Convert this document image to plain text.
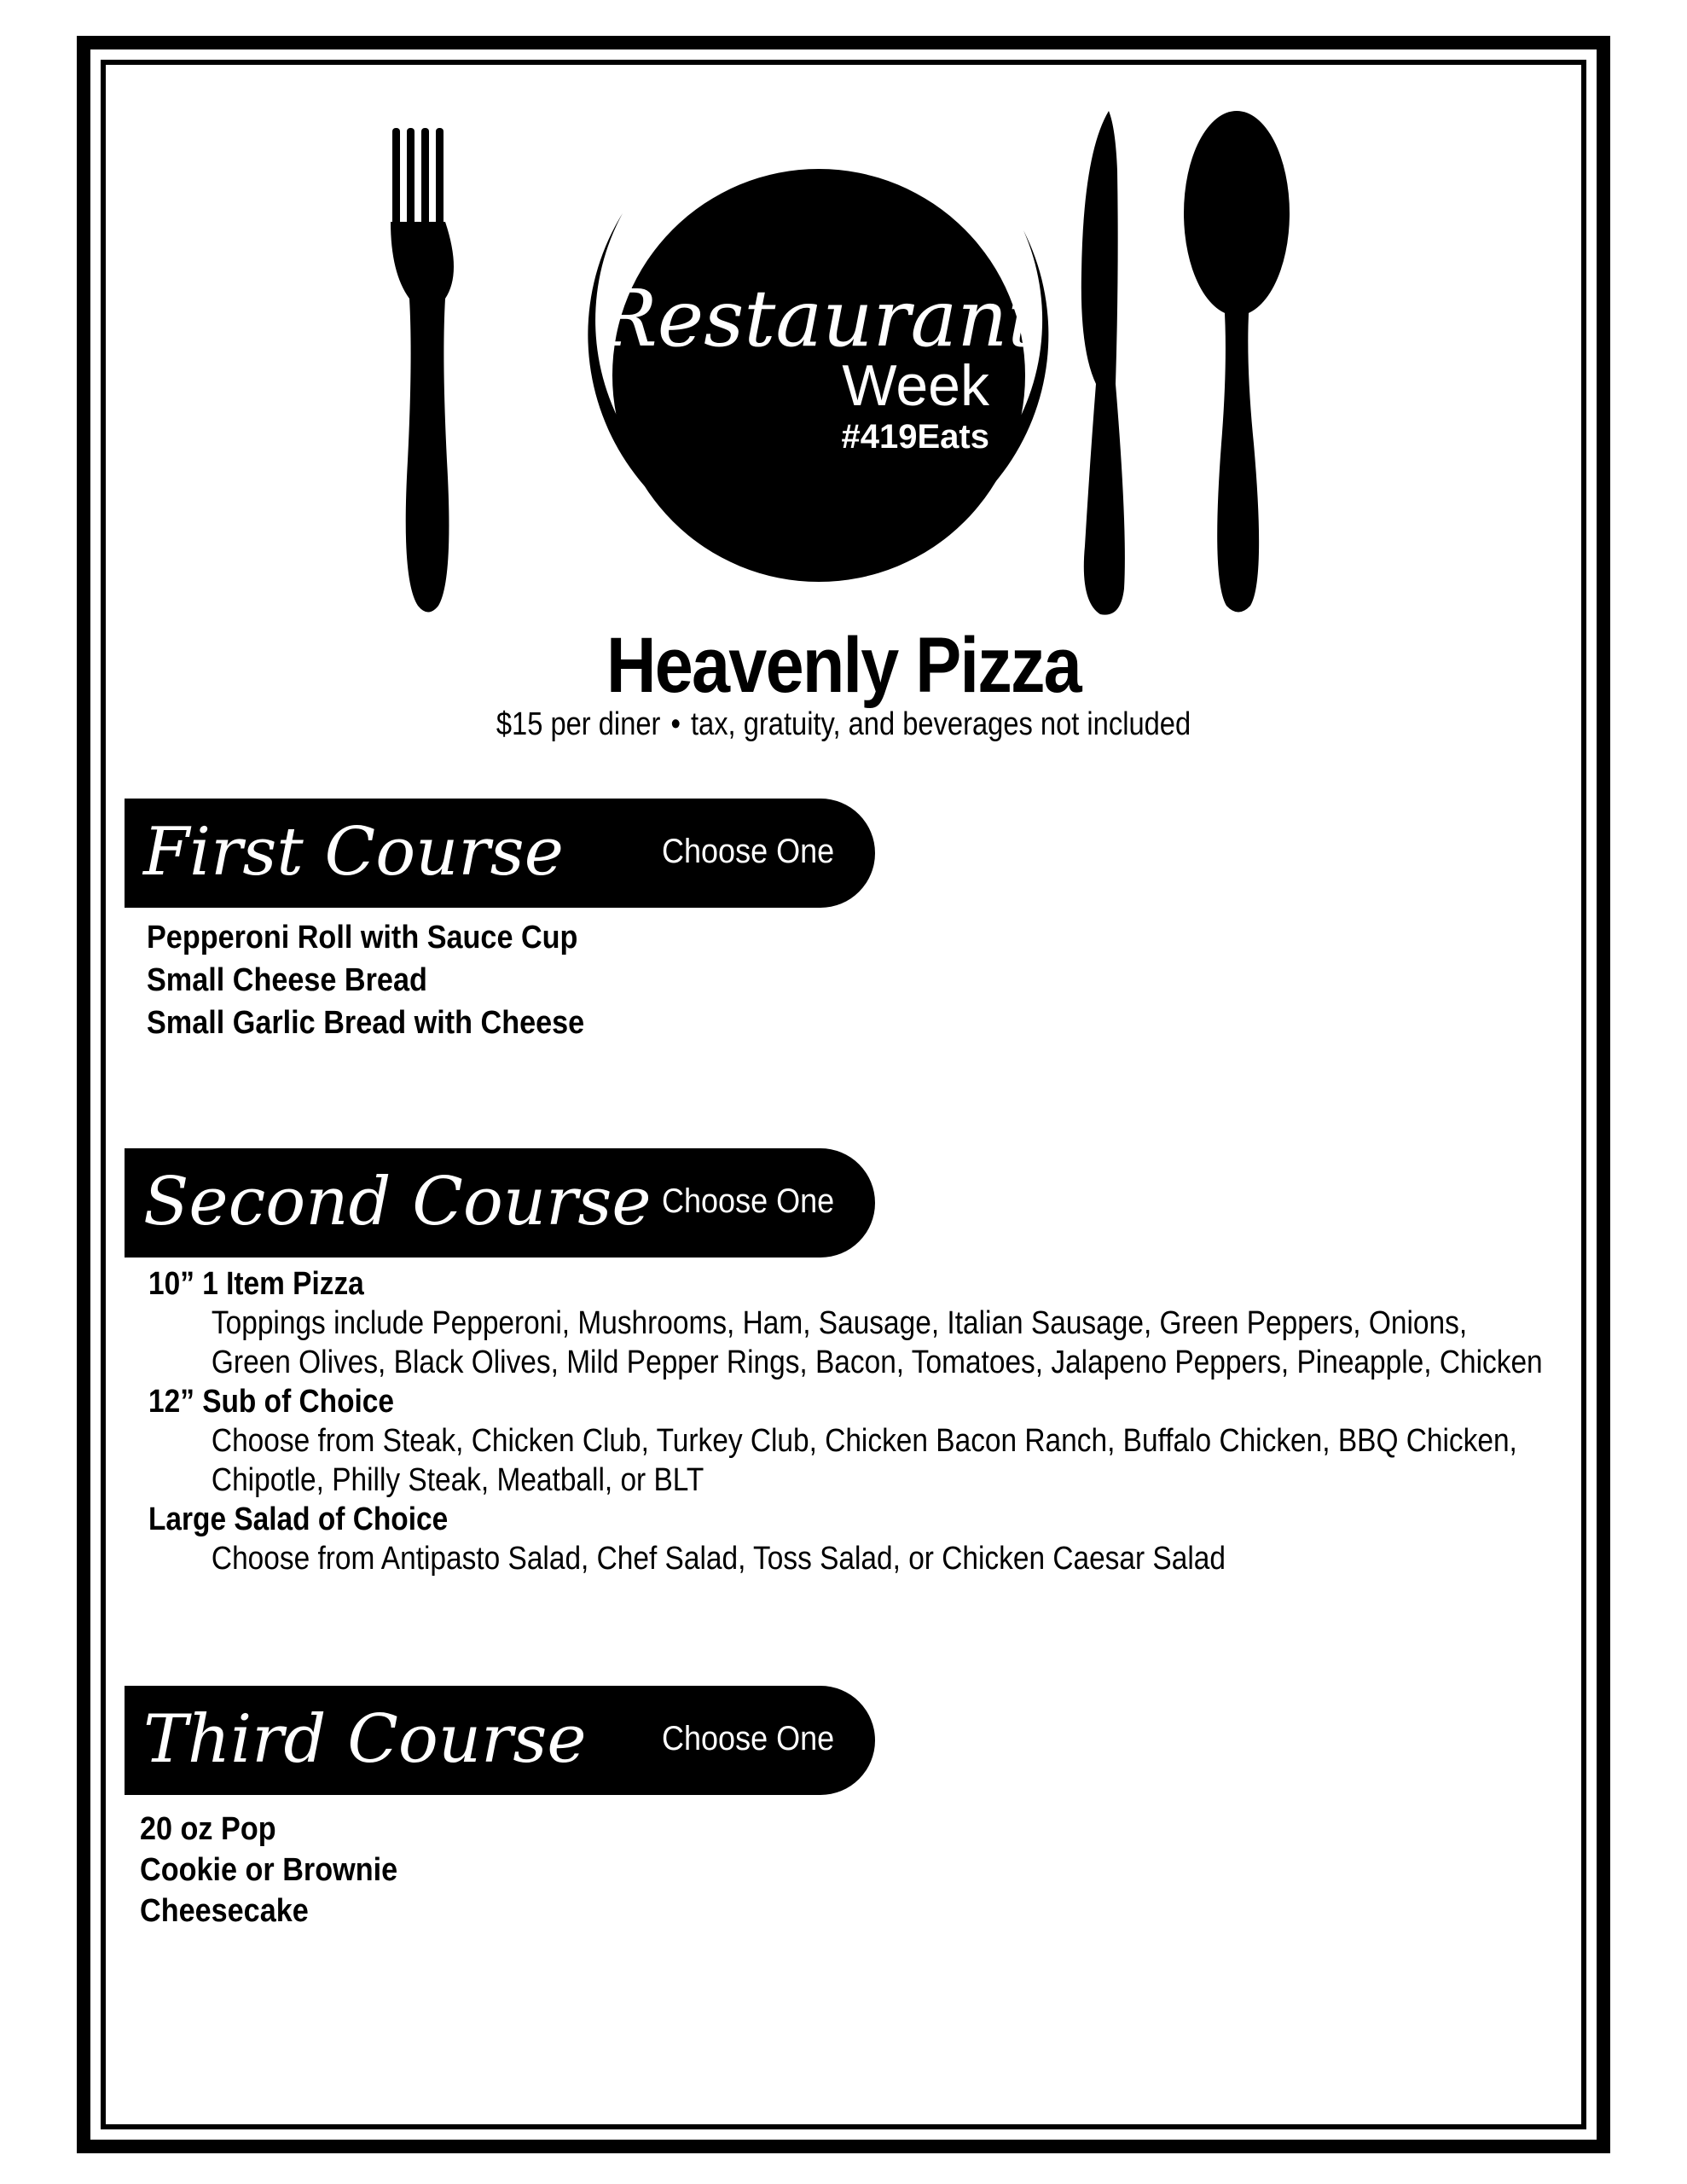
Restaurant
Week
#419Eats
Heavenly Pizza
$15 per diner • tax, gratuity, and beverages not included
First Course	Choose One
Pepperoni Roll with Sauce Cup
Small Cheese Bread
Small Garlic Bread with Cheese
Second Course Choose One
10” 1 Item Pizza
Toppings include Pepperoni, Mushrooms, Ham, Sausage, Italian Sausage, Green Peppers, Onions,
Green Olives, Black Olives, Mild Pepper Rings, Bacon, Tomatoes, Jalapeno Peppers, Pineapple, Chicken
12” Sub of Choice
Choose from Steak, Chicken Club, Turkey Club, Chicken Bacon Ranch, Buffalo Chicken, BBQ Chicken,
Chipotle, Philly Steak, Meatball, or BLT
Large Salad of Choice
Choose from Antipasto Salad, Chef Salad, Toss Salad, or Chicken Caesar Salad
Third Course Choose One
20 oz Pop
Cookie or Brownie
Cheesecake
